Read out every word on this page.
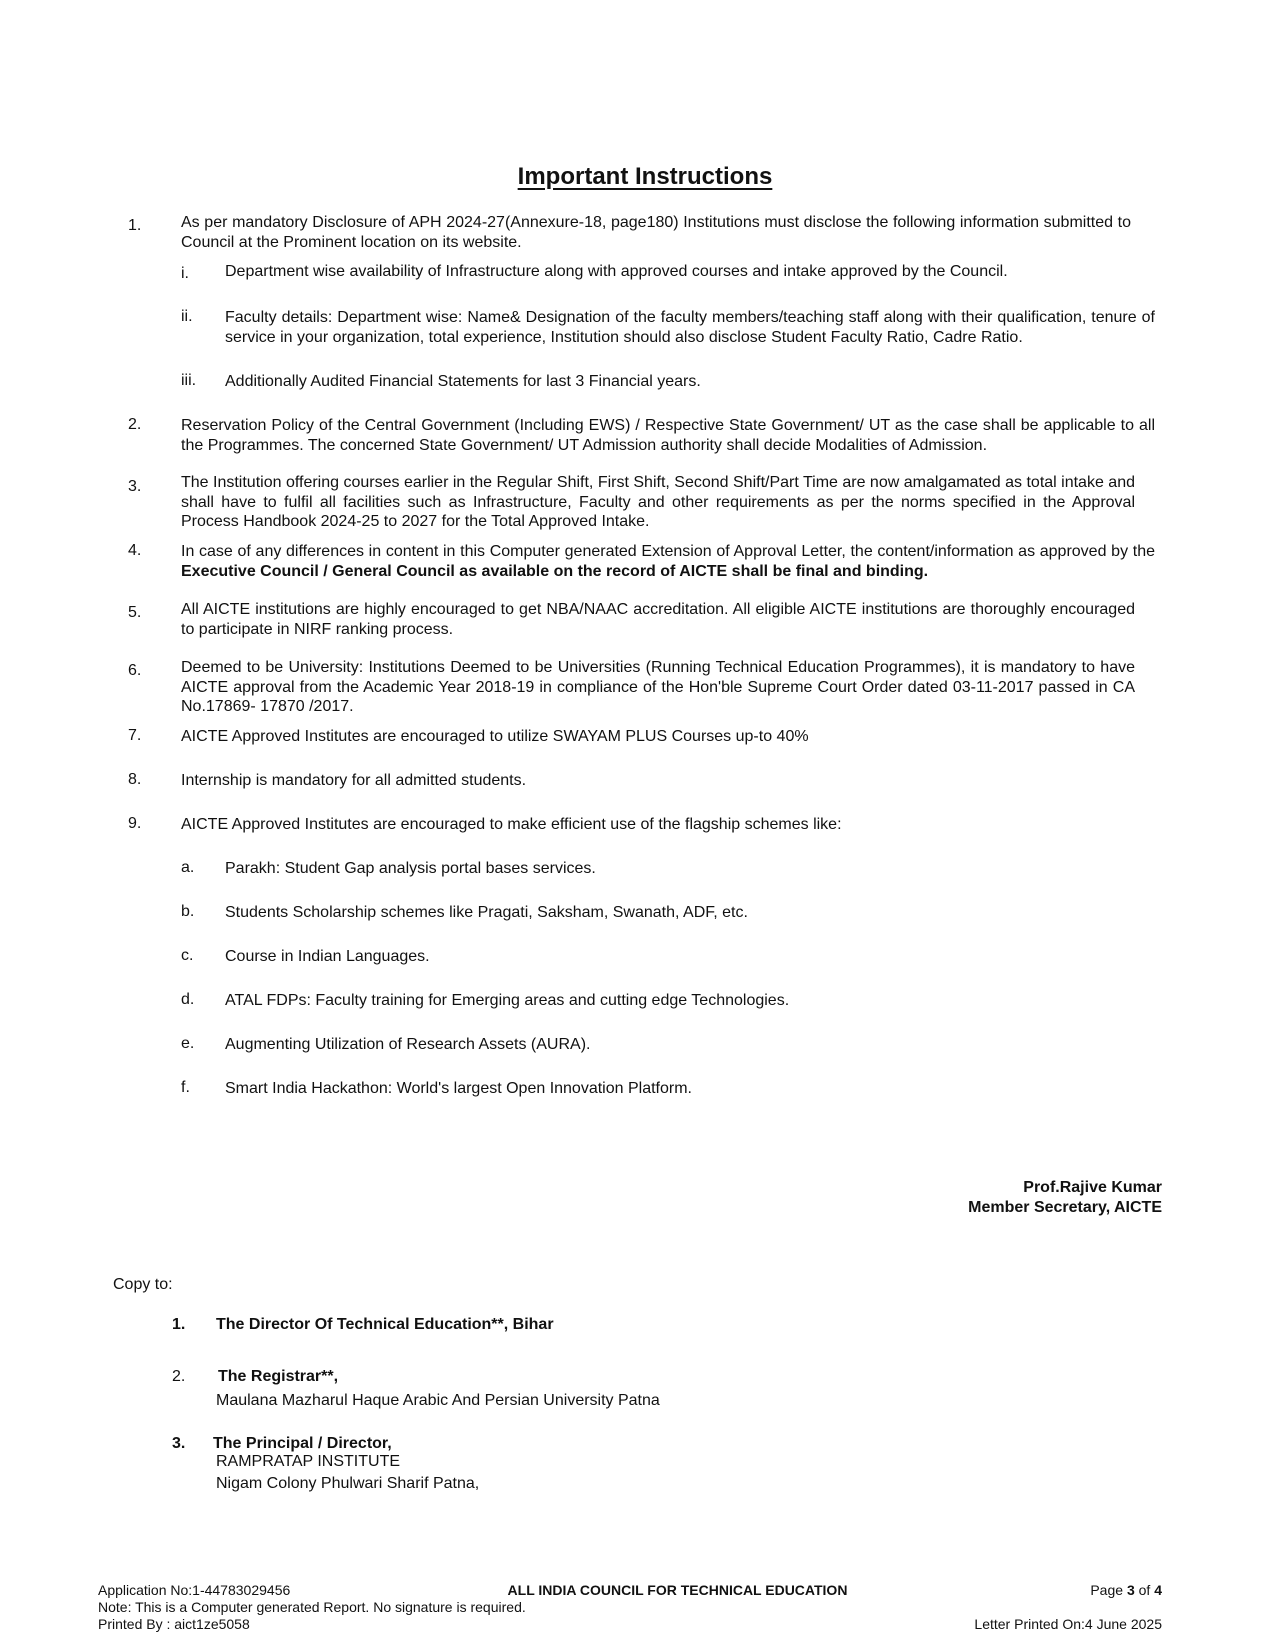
Important Instructions
1. As per mandatory Disclosure of APH 2024-27(Annexure-18, page180) Institutions must disclose the following information submitted to Council at the Prominent location on its website.
i. Department wise availability of Infrastructure along with approved courses and intake approved by the Council.
ii. Faculty details: Department wise: Name& Designation of the faculty members/teaching staff along with their qualification, tenure of service in your organization, total experience, Institution should also disclose Student Faculty Ratio, Cadre Ratio.
iii. Additionally Audited Financial Statements for last 3 Financial years.
2. Reservation Policy of the Central Government (Including EWS) / Respective State Government/ UT as the case shall be applicable to all the Programmes. The concerned State Government/ UT Admission authority shall decide Modalities of Admission.
3. The Institution offering courses earlier in the Regular Shift, First Shift, Second Shift/Part Time are now amalgamated as total intake and shall have to fulfil all facilities such as Infrastructure, Faculty and other requirements as per the norms specified in the Approval Process Handbook 2024-25 to 2027 for the Total Approved Intake.
4. In case of any differences in content in this Computer generated Extension of Approval Letter, the content/information as approved by the Executive Council / General Council as available on the record of AICTE shall be final and binding.
5. All AICTE institutions are highly encouraged to get NBA/NAAC accreditation. All eligible AICTE institutions are thoroughly encouraged to participate in NIRF ranking process.
6. Deemed to be University: Institutions Deemed to be Universities (Running Technical Education Programmes), it is mandatory to have AICTE approval from the Academic Year 2018-19 in compliance of the Hon'ble Supreme Court Order dated 03-11-2017 passed in CA No.17869- 17870 /2017.
7. AICTE Approved Institutes are encouraged to utilize SWAYAM PLUS Courses up-to 40%
8. Internship is mandatory for all admitted students.
9. AICTE Approved Institutes are encouraged to make efficient use of the flagship schemes like:
a. Parakh: Student Gap analysis portal bases services.
b. Students Scholarship schemes like Pragati, Saksham, Swanath, ADF, etc.
c. Course in Indian Languages.
d. ATAL FDPs: Faculty training for Emerging areas and cutting edge Technologies.
e. Augmenting Utilization of Research Assets (AURA).
f. Smart India Hackathon: World's largest Open Innovation Platform.
Prof.Rajive Kumar
Member Secretary, AICTE
Copy to:
1. The Director Of Technical Education**, Bihar
2. The Registrar**,
Maulana Mazharul Haque Arabic And Persian University Patna
3. The Principal / Director,
RAMPRATAP INSTITUTE
Nigam Colony Phulwari Sharif Patna,
Application No:1-44783029456
Note: This is a Computer generated Report. No signature is required.
Printed By : aict1ze5058
ALL INDIA COUNCIL FOR TECHNICAL EDUCATION	Page 3 of 4
Letter Printed On:4 June 2025
